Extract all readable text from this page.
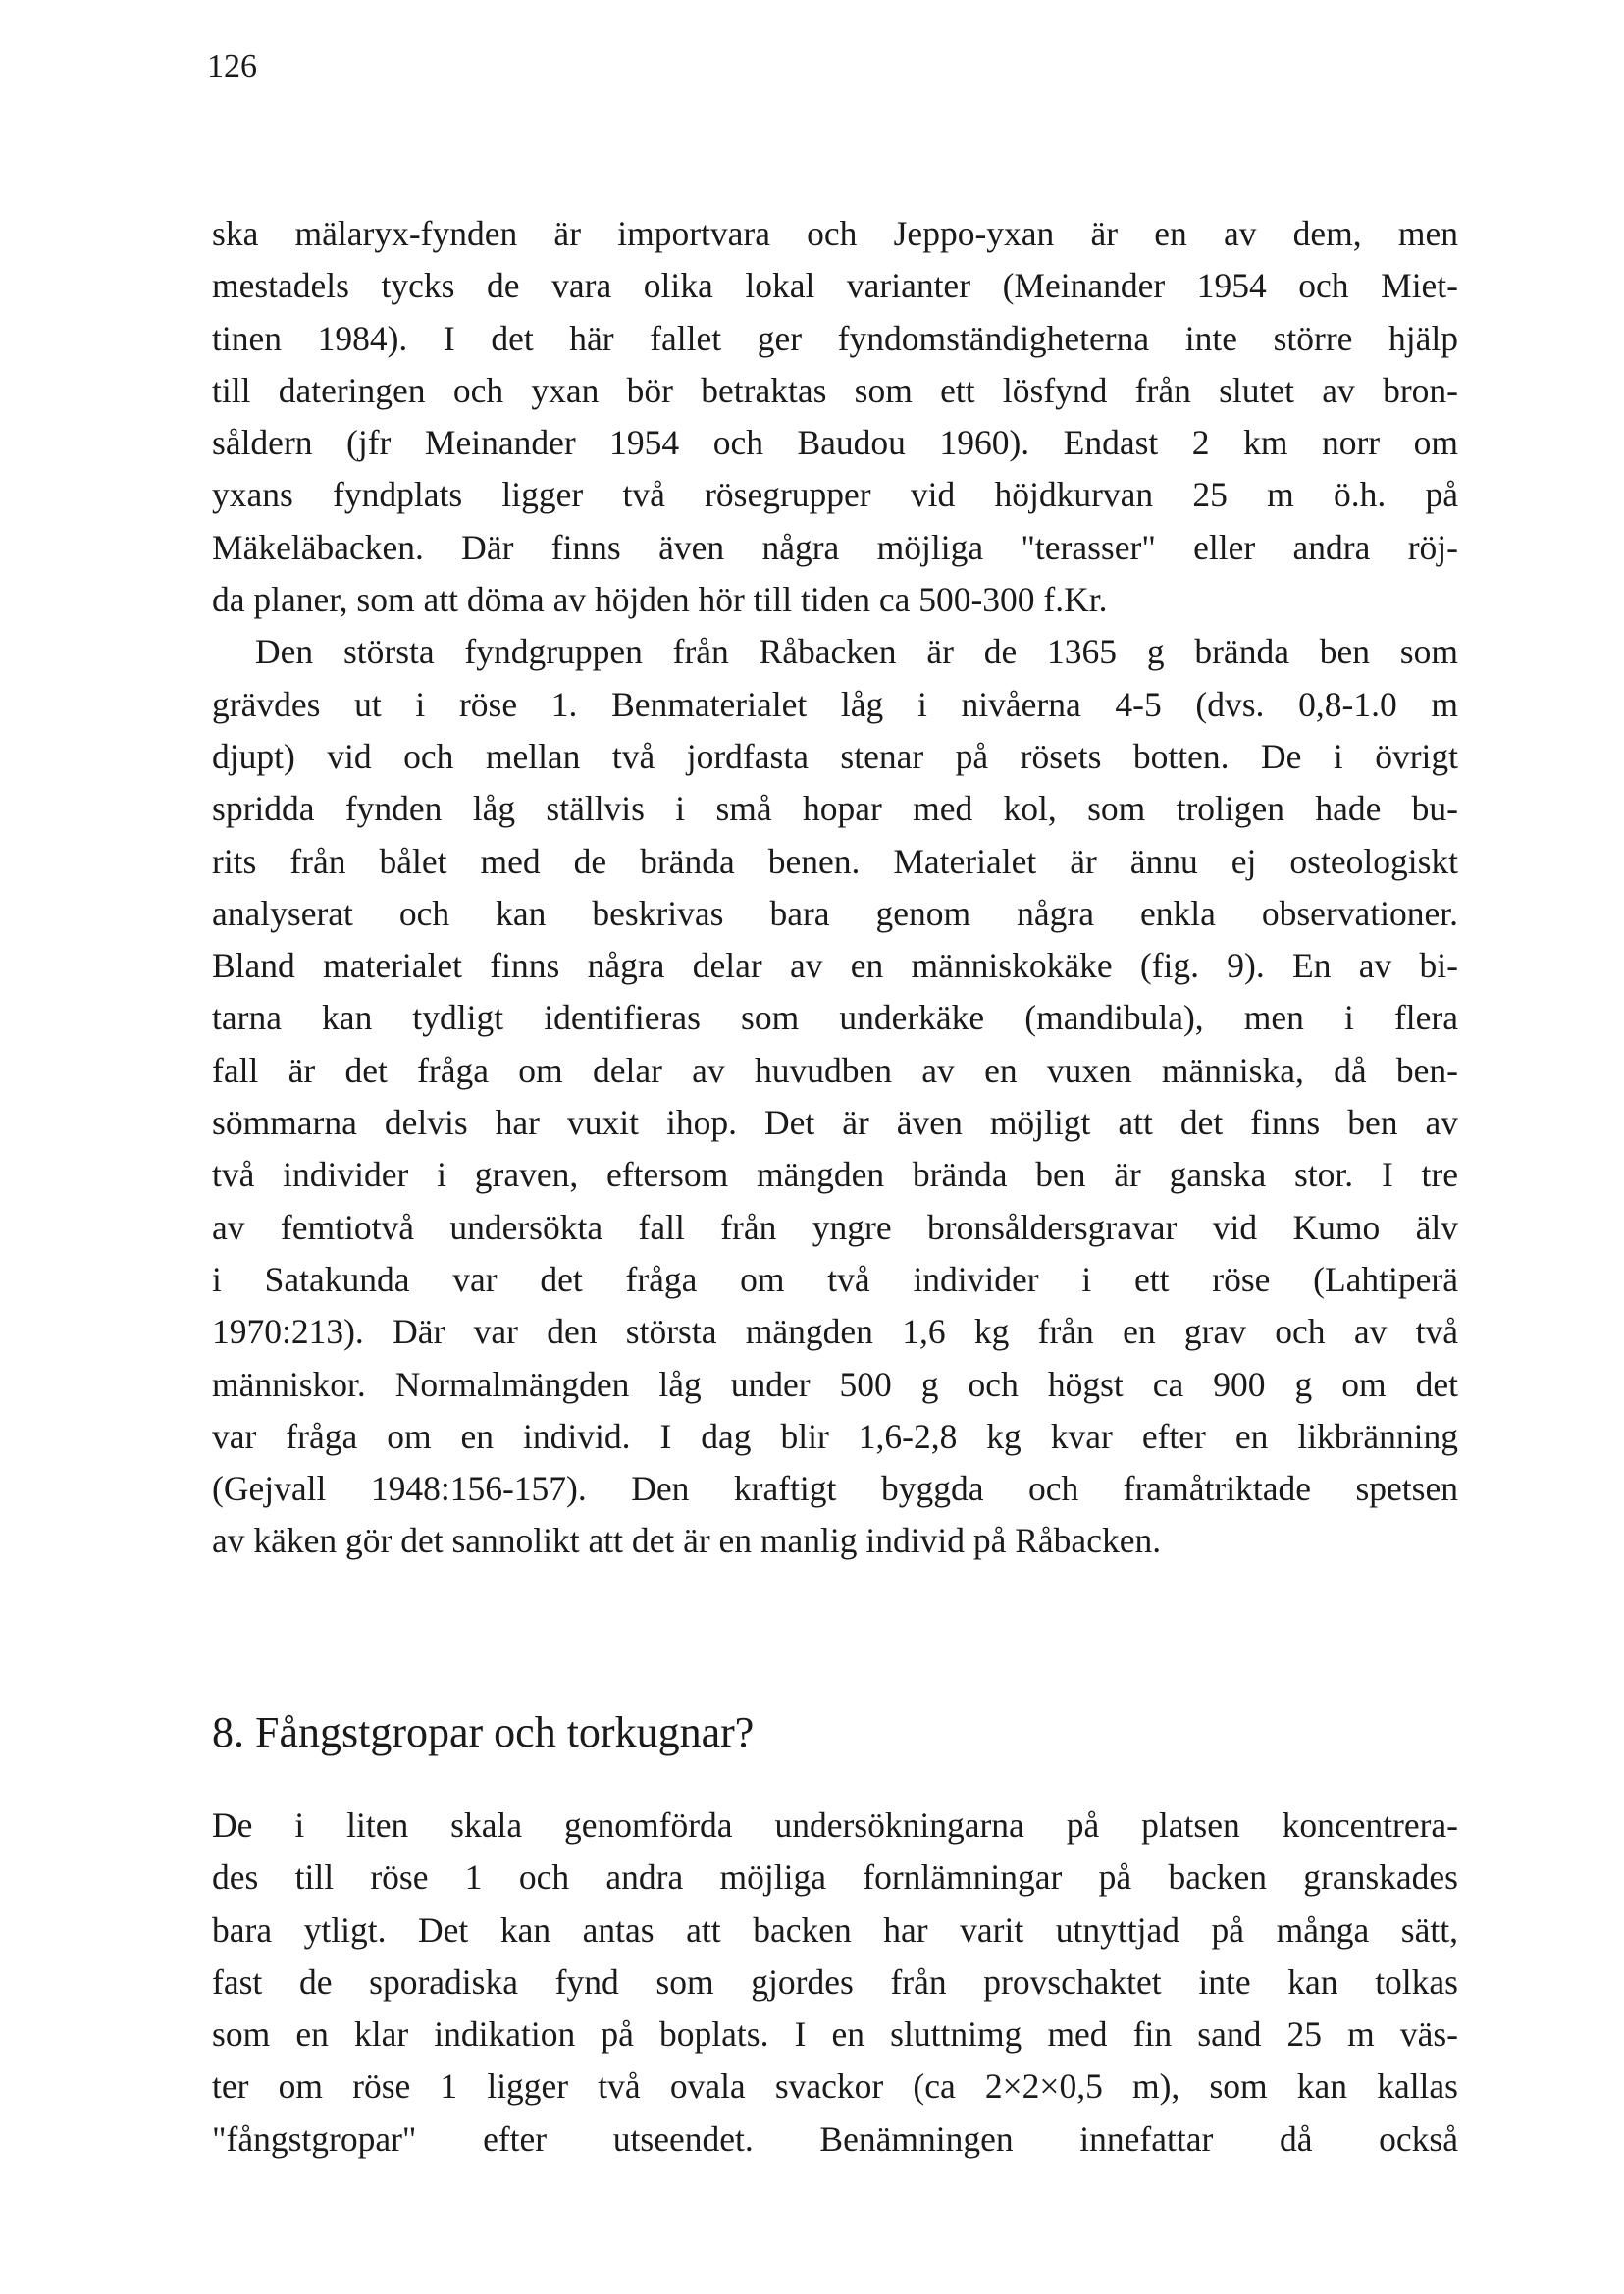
126
ska mälaryx-fynden är importvara och Jeppo-yxan är en av dem, men
mestadels tycks de vara olika lokal varianter (Meinander 1954 och Miet-
tinen 1984). I det här fallet ger fyndomständigheterna inte större hjälp
till dateringen och yxan bör betraktas som ett lösfynd från slutet av bron-
såldern (jfr Meinander 1954 och Baudou 1960). Endast 2 km norr om
yxans fyndplats ligger två rösegrupper vid höjdkurvan 25 m ö.h. på
Mäkeläbacken. Där finns även några möjliga "terasser" eller andra röj-
da planer, som att döma av höjden hör till tiden ca 500-300 f.Kr.
Den största fyndgruppen från Råbacken är de 1365 g brända ben som
grävdes ut i röse 1. Benmaterialet låg i nivåerna 4-5 (dvs. 0,8-1.0 m
djupt) vid och mellan två jordfasta stenar på rösets botten. De i övrigt
spridda fynden låg ställvis i små hopar med kol, som troligen hade bu-
rits från bålet med de brända benen. Materialet är ännu ej osteologiskt
analyserat och kan beskrivas bara genom några enkla observationer.
Bland materialet finns några delar av en människokäke (fig. 9). En av bi-
tarna kan tydligt identifieras som underkäke (mandibula), men i flera
fall är det fråga om delar av huvudben av en vuxen människa, då ben-
sömmarna delvis har vuxit ihop. Det är även möjligt att det finns ben av
två individer i graven, eftersom mängden brända ben är ganska stor. I tre
av femtiotvå undersökta fall från yngre bronsåldersgravar vid Kumo älv
i Satakunda var det fråga om två individer i ett röse (Lahtiperä
1970:213). Där var den största mängden 1,6 kg från en grav och av två
människor. Normalmängden låg under 500 g och högst ca 900 g om det
var fråga om en individ. I dag blir 1,6-2,8 kg kvar efter en likbränning
(Gejvall 1948:156-157). Den kraftigt byggda och framåtriktade spetsen
av käken gör det sannolikt att det är en manlig individ på Råbacken.
8. Fångstgropar och torkugnar?
De i liten skala genomförda undersökningarna på platsen koncentrera-
des till röse 1 och andra möjliga fornlämningar på backen granskades
bara ytligt. Det kan antas att backen har varit utnyttjad på många sätt,
fast de sporadiska fynd som gjordes från provschaktet inte kan tolkas
som en klar indikation på boplats. I en sluttnimg med fin sand 25 m väs-
ter om röse 1 ligger två ovala svackor (ca 2×2×0,5 m), som kan kallas
"fångstgropar" efter utseendet. Benämningen innefattar då också
